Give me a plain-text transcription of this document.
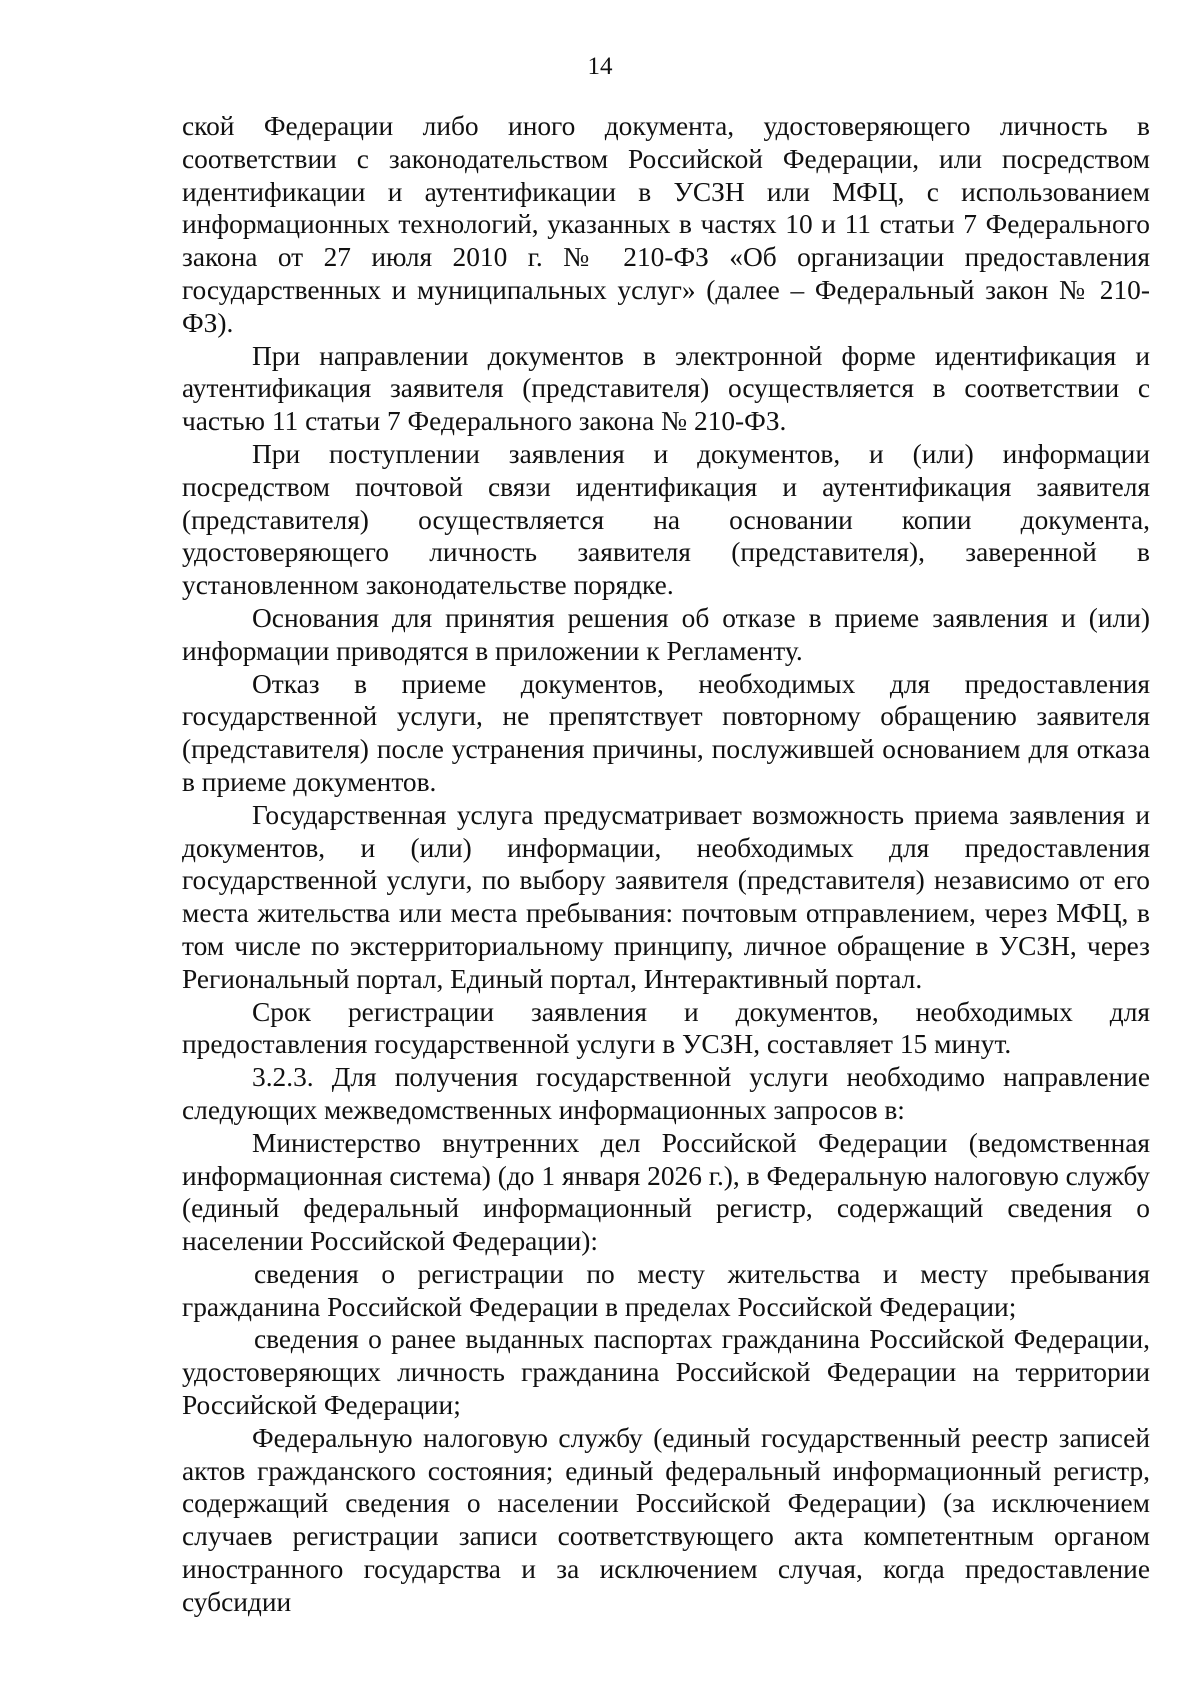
14

ской Федерации либо иного документа, удостоверяющего личность в соответствии с законодательством Российской Федерации, или посредством идентификации и аутентификации в УСЗН или МФЦ, с использованием информационных технологий, указанных в частях 10 и 11 статьи 7 Федерального закона от 27 июля 2010 г. № 210-ФЗ «Об организации предоставления государственных и муниципальных услуг» (далее – Федеральный закон № 210-ФЗ).

При направлении документов в электронной форме идентификация и аутентификация заявителя (представителя) осуществляется в соответствии с частью 11 статьи 7 Федерального закона № 210-ФЗ.

При поступлении заявления и документов, и (или) информации посредством почтовой связи идентификация и аутентификация заявителя (представителя) осуществляется на основании копии документа, удостоверяющего личность заявителя (представителя), заверенной в установленном законодательстве порядке.

Основания для принятия решения об отказе в приеме заявления и (или) информации приводятся в приложении к Регламенту.

Отказ в приеме документов, необходимых для предоставления государственной услуги, не препятствует повторному обращению заявителя (представителя) после устранения причины, послужившей основанием для отказа в приеме документов.

Государственная услуга предусматривает возможность приема заявления и документов, и (или) информации, необходимых для предоставления государственной услуги, по выбору заявителя (представителя) независимо от его места жительства или места пребывания: почтовым отправлением, через МФЦ, в том числе по экстерриториальному принципу, личное обращение в УСЗН, через Региональный портал, Единый портал, Интерактивный портал.

Срок регистрации заявления и документов, необходимых для предоставления государственной услуги в УСЗН, составляет 15 минут.

3.2.3. Для получения государственной услуги необходимо направление следующих межведомственных информационных запросов в:

Министерство внутренних дел Российской Федерации (ведомственная информационная система) (до 1 января 2026 г.), в Федеральную налоговую службу (единый федеральный информационный регистр, содержащий сведения о населении Российской Федерации):

сведения о регистрации по месту жительства и месту пребывания гражданина Российской Федерации в пределах Российской Федерации;

сведения о ранее выданных паспортах гражданина Российской Федерации, удостоверяющих личность гражданина Российской Федерации на территории Российской Федерации;

Федеральную налоговую службу (единый государственный реестр записей актов гражданского состояния; единый федеральный информационный регистр, содержащий сведения о населении Российской Федерации) (за исключением случаев регистрации записи соответствующего акта компетентным органом иностранного государства и за исключением случая, когда предоставление субсидии
